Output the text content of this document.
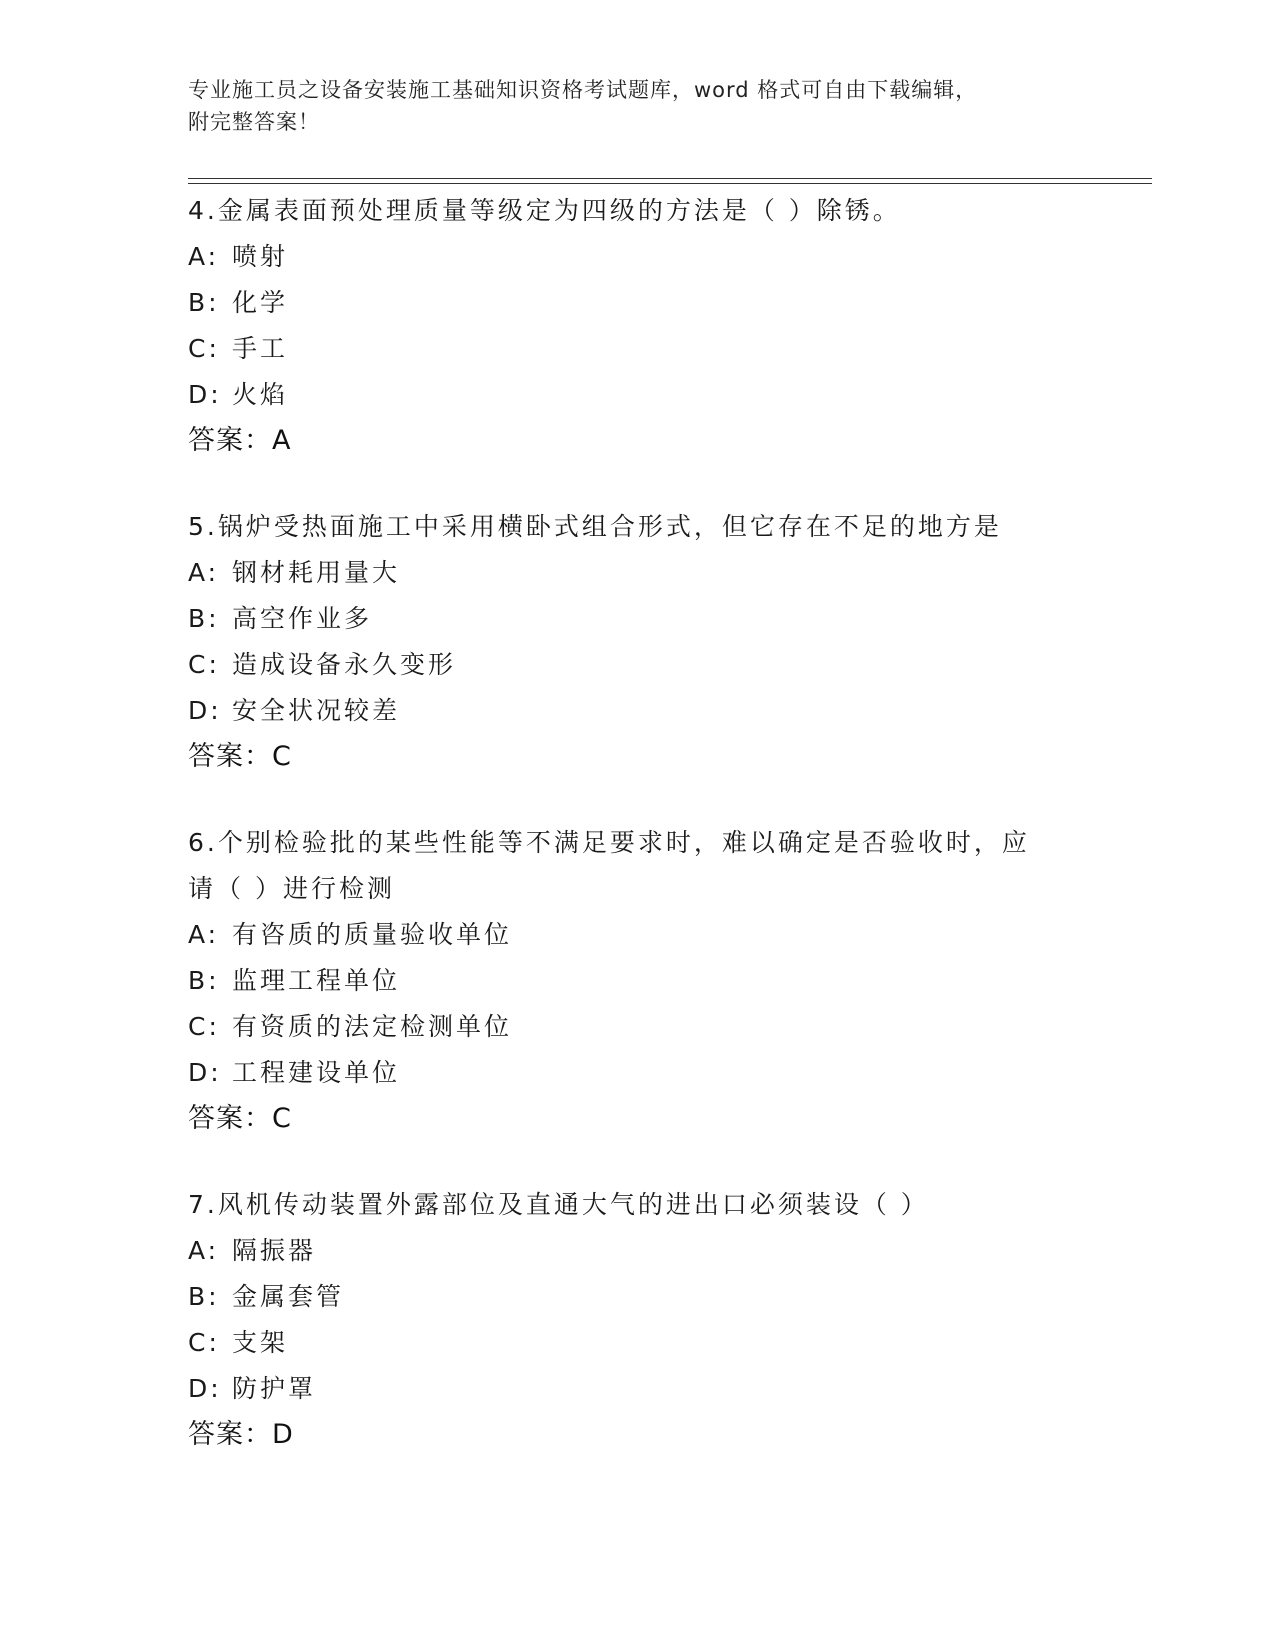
专业施工员之设备安装施工基础知识资格考试题库，word 格式可自由下载编辑，
附完整答案！

4.金属表面预处理质量等级定为四级的方法是（ ）除锈。

A: 喷射

B: 化学

C: 手工

D: 火焰

答案：A

5.锅炉受热面施工中采用横卧式组合形式，但它存在不足的地方是

A: 钢材耗用量大

B: 高空作业多

C: 造成设备永久变形

D: 安全状况较差

答案：C

6.个别检验批的某些性能等不满足要求时，难以确定是否验收时，应

请（ ）进行检测

A: 有咨质的质量验收单位

B: 监理工程单位

C: 有资质的法定检测单位

D: 工程建设单位

答案：C

7.风机传动装置外露部位及直通大气的进出口必须装设（ ）

A: 隔振器

B: 金属套管

C: 支架

D: 防护罩

答案：D
